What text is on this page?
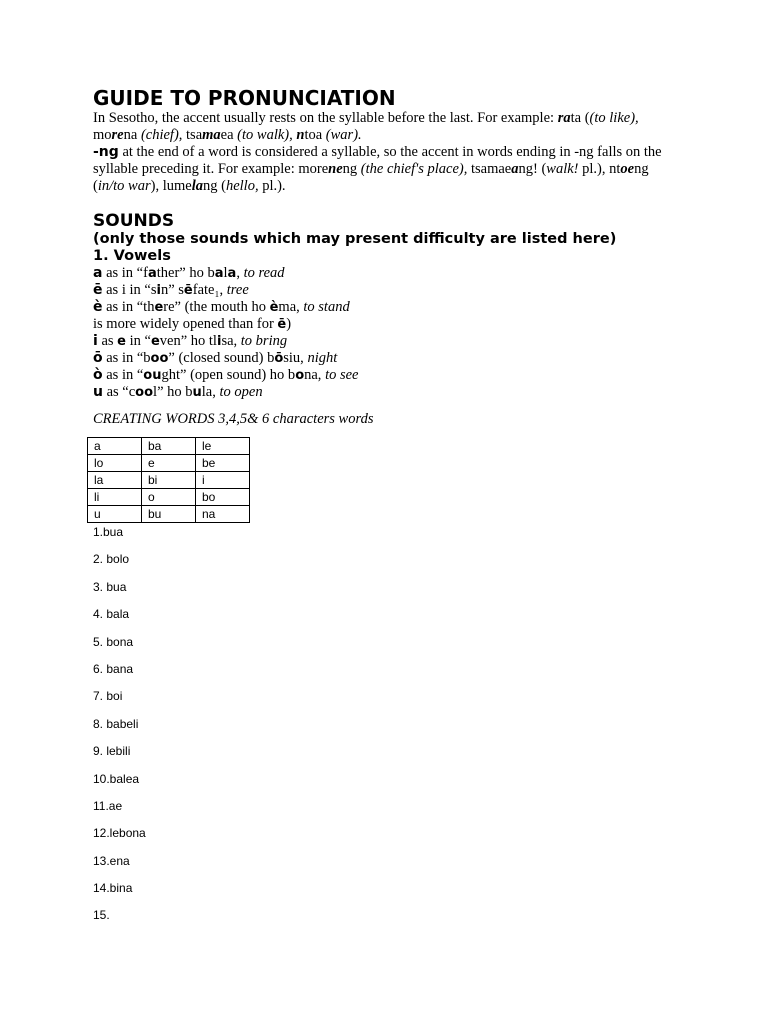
GUIDE TO PRONUNCIATION

In Sesotho, the accent usually rests on the syllable before the last. For example: rata ((to like), morena (chief), tsamaea (to walk), ntoa (war).

-ng at the end of a word is considered a syllable, so the accent in words ending in -ng falls on the syllable preceding it. For example: moreneng (the chief's place), tsamaeang! (walk! pl.), ntoeng (in/to war), lumelang (hello, pl.).

SOUNDS
(only those sounds which may present difficulty are listed here)
1. Vowels
a as in “father” ho bala, to read
ē as i in “sin” sēfate₁, tree
è as in “there” (the mouth ho èma, to stand
is more widely opened than for ē)
i as e in “even” ho tlisa, to bring
ō as in “boo” (closed sound) bōsiu, night
ò as in “ought” (open sound) ho bona, to see
u as “cool” ho bula, to open
CREATING WORDS 3,4,5& 6 characters words
a	ba	le
lo	e	be
la	bi	i
li	o	bo
u	bu	na
1.bua
2. bolo
3. bua
4. bala
5. bona
6. bana
7. boi
8. babeli
9. lebili
10.balea
11.ae
12.lebona
13.ena
14.bina
15.
